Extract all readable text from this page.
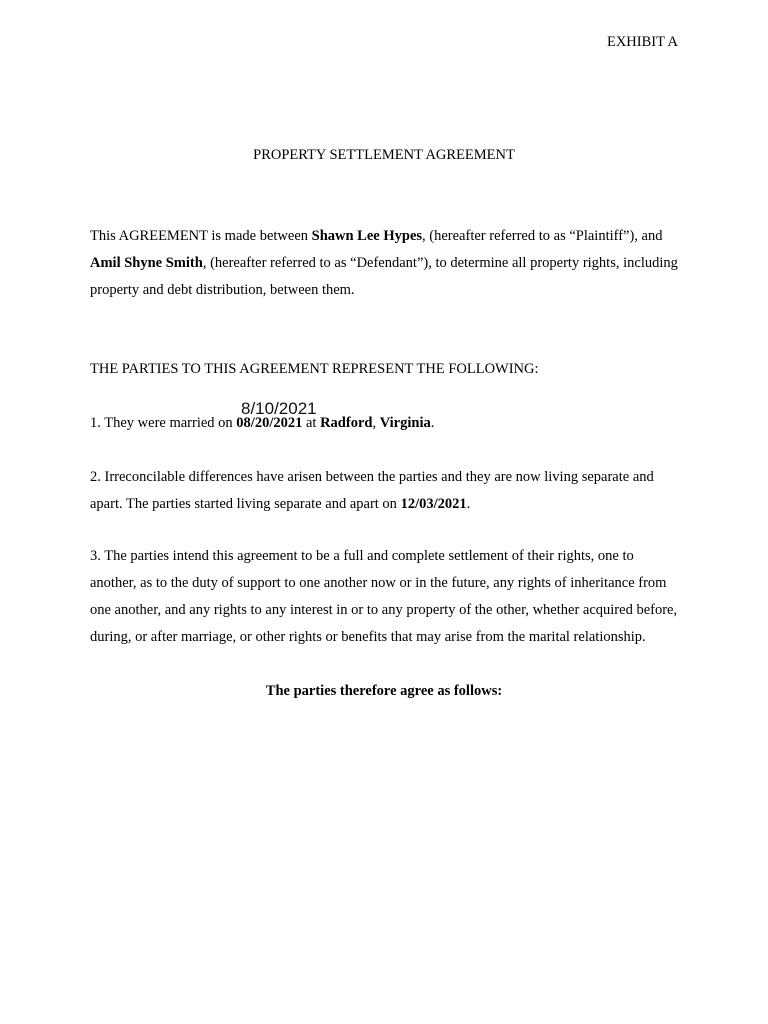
EXHIBIT A
PROPERTY SETTLEMENT AGREEMENT
This AGREEMENT is made between Shawn Lee Hypes, (hereafter referred to as “Plaintiff”), and Amil Shyne Smith, (hereafter referred to as “Defendant”), to determine all property rights, including property and debt distribution, between them.
THE PARTIES TO THIS AGREEMENT REPRESENT THE FOLLOWING:
8/10/2021
1. They were married on 08/20/2021 at Radford, Virginia.
2. Irreconcilable differences have arisen between the parties and they are now living separate and apart. The parties started living separate and apart on 12/03/2021.
3. The parties intend this agreement to be a full and complete settlement of their rights, one to another, as to the duty of support to one another now or in the future, any rights of inheritance from one another, and any rights to any interest in or to any property of the other, whether acquired before, during, or after marriage, or other rights or benefits that may arise from the marital relationship.
The parties therefore agree as follows:
